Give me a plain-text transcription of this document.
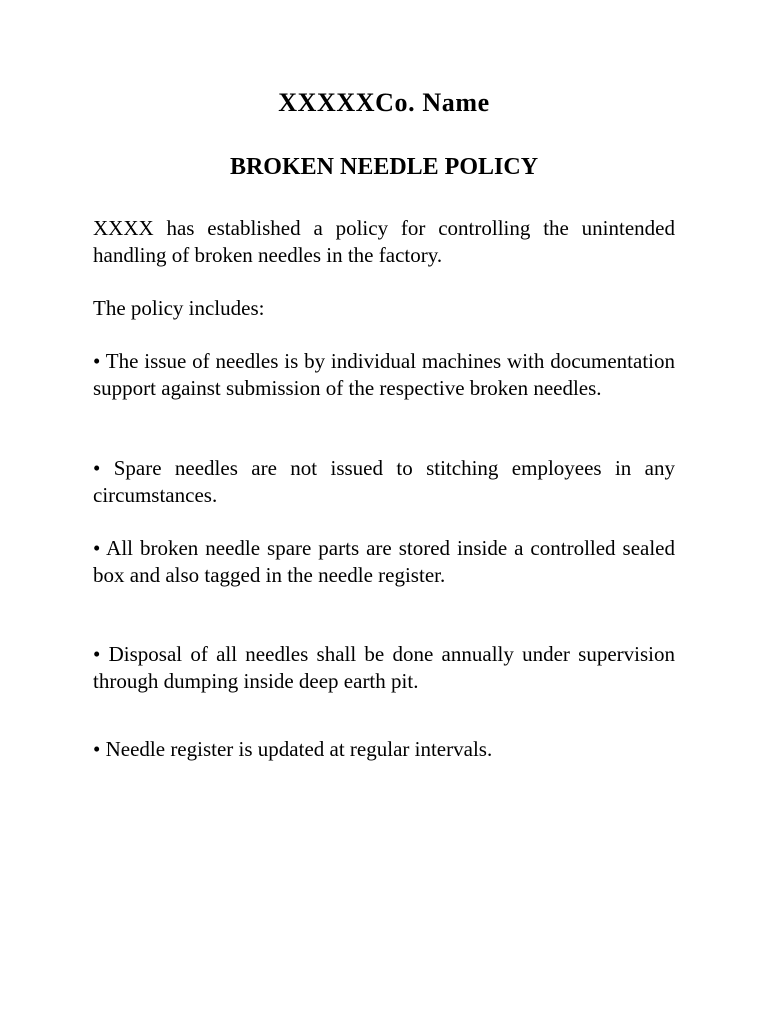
XXXXXCo. Name
BROKEN NEEDLE POLICY

XXXX has established a policy for controlling the unintended handling of broken needles in the factory.

The policy includes:

• The issue of needles is by individual machines with documentation support against submission of the respective broken needles.

• Spare needles are not issued to stitching employees in any circumstances.

• All broken needle spare parts are stored inside a controlled sealed box and also tagged in the needle register.

• Disposal of all needles shall be done annually under supervision through dumping inside deep earth pit.

• Needle register is updated at regular intervals.
